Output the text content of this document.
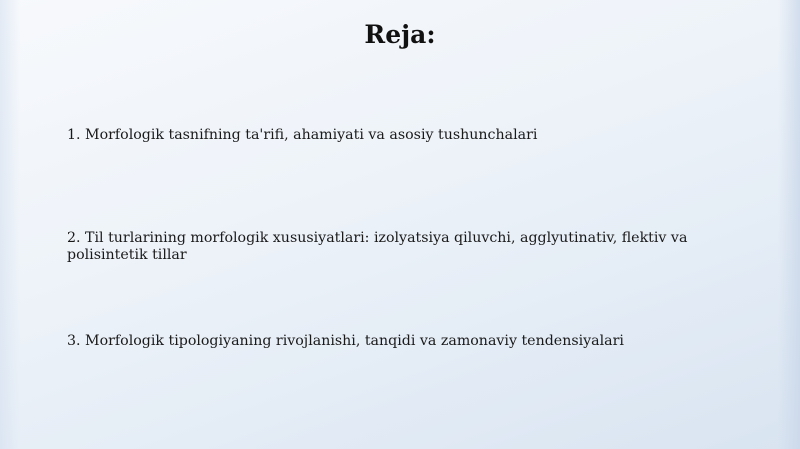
Reja:

1. Morfologik tasnifning ta'rifi, ahamiyati va asosiy tushunchalari

2. Til turlarining morfologik xususiyatlari: izolyatsiya qiluvchi, agglyutinativ, flektiv va polisintetik tillar

3. Morfologik tipologiyaning rivojlanishi, tanqidi va zamonaviy tendensiyalari
